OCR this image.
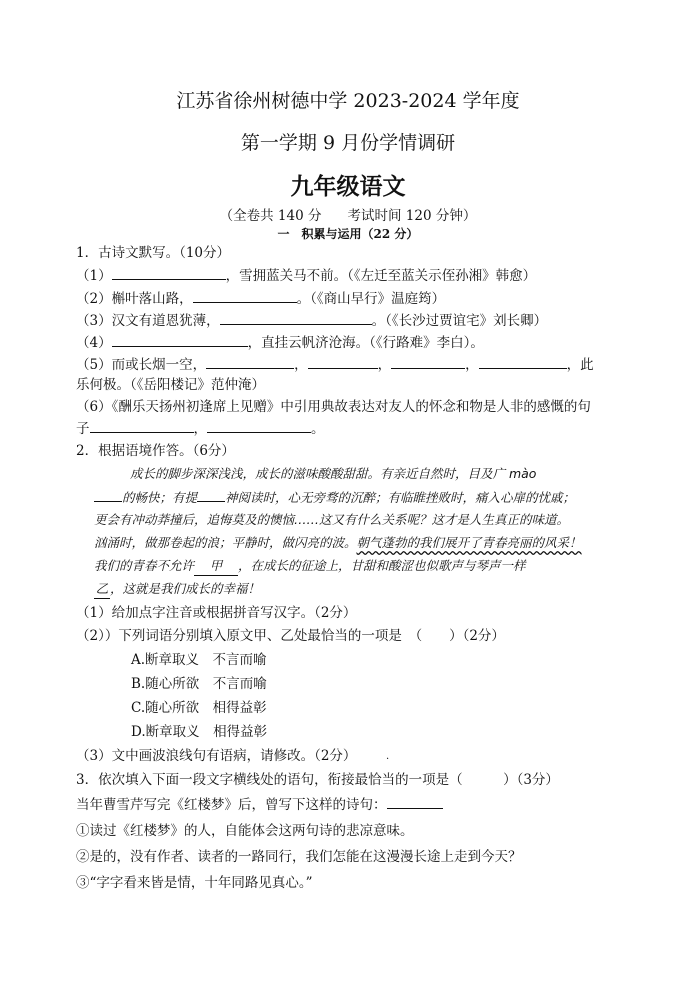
江苏省徐州树德中学 2023-2024 学年度
第一学期 9 月份学情调研
九年级语文
（全卷共 140 分 考试时间 120 分钟）
一　积累与运用（22 分）
1．古诗文默写。（10分）
（1）	，雪拥蓝关马不前。（《左迁至蓝关示侄孙湘》韩愈）
（2）槲叶落山路，	。（《商山早行》温庭筠）
（3）汉文有道恩犹薄，	。（《长沙过贾谊宅》刘长卿）
（4）	，直挂云帆济沧海。（《行路难》李白）。
（5）而或长烟一空，	，	，	，	，此
乐何极。（《岳阳楼记》范仲淹）
（6）《酬乐天扬州初逢席上见赠》中引用典故表达对友人的怀念和物是人非的感慨的句
子	，	。
2．根据语境作答。（6分）
成长的脚步深深浅浅，成长的滋味酸酸甜甜。有亲近自然时，目及广 mào
的畅快；有提 神阅读时，心无旁骛的沉醉；有临睢挫败时，痛入心扉的忧戚；
更会有冲动莽撞后，追悔莫及的懊恼……这又有什么关系呢？这才是人生真正的味道。
汹涌时，做那卷起的浪；平静时，做闪亮的波。朝气蓬勃的我们展开了青春亮丽的风采！
我们的青春不允许 甲 ，在成长的征途上，甘甜和酸涩也似歌声与琴声一样
乙 ，这就是我们成长的幸福！
（1）给加点字注音或根据拼音写汉字。（2分）
（2））下列词语分别填入原文甲、乙处最恰当的一项是　（　　）（2分）
A.断章取义　不言而喻
B.随心所欲　不言而喻
C.随心所欲　相得益彰
D.断章取义　相得益彰
（3）文中画波浪线句有语病，请修改。（2分）	.
3．依次填入下面一段文字横线处的语句，衔接最恰当的一项是（　　　）（3分）
当年曹雪芹写完《红楼梦》后，曾写下这样的诗句：
①读过《红楼梦》的人，自能体会这两句诗的悲凉意味。
②是的，没有作者、读者的一路同行，我们怎能在这漫漫长途上走到今天？
③“字字看来皆是情，十年同路见真心。”
